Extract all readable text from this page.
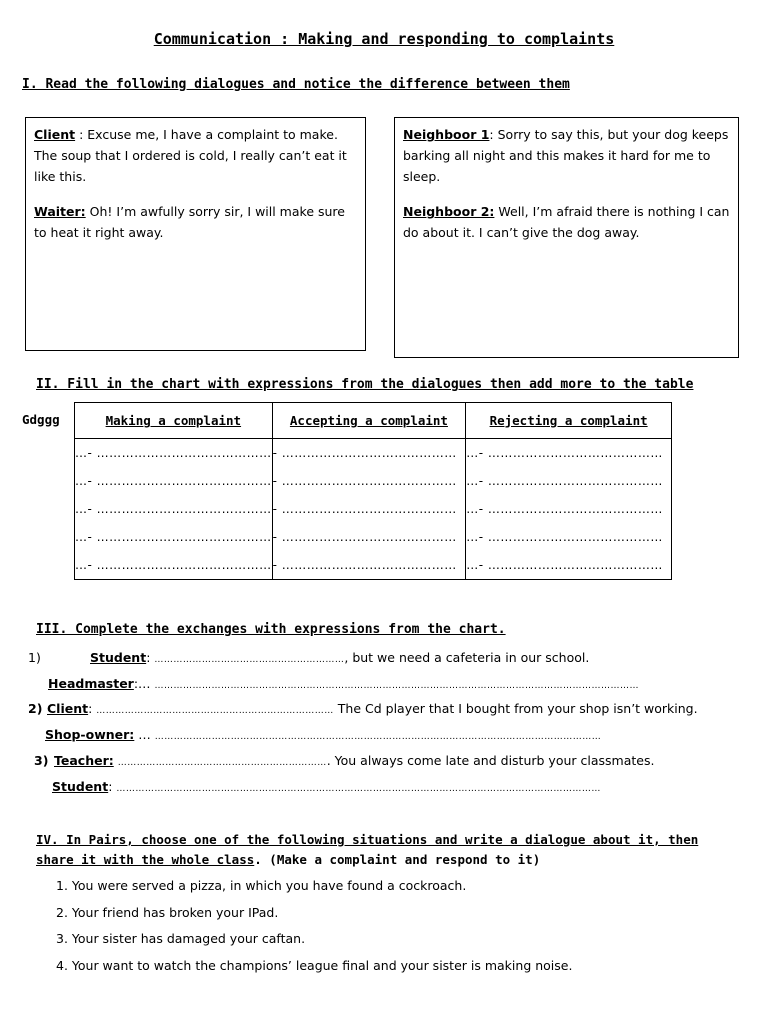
Communication : Making and responding to complaints
I. Read the following dialogues and notice the difference between them
Client : Excuse me, I have a complaint to make. The soup that I ordered is cold, I really can’t eat it like this.
Waiter: Oh! I’m awfully sorry sir, I will make sure to heat it right away.
Neighboor 1: Sorry to say this, but your dog keeps barking all night and this makes it hard for me to sleep.
Neighboor 2: Well, I’m afraid there is nothing I can do about it. I can’t give the dog away.
II. Fill in the chart with expressions from the dialogues then add more to the table
Gdggg	Making a complaint	Accepting a complaint	Rejecting a complaint
…- ……………………………………	- ……………………………………	…- ……………………………………
…- ……………………………………	- ……………………………………	…- ……………………………………
…- ……………………………………	- ……………………………………	…- ……………………………………
…- ……………………………………	- ……………………………………	…- ……………………………………
…- ……………………………………	- ……………………………………	…- ……………………………………
III. Complete the exchanges with expressions from the chart.
1)	Student: ……………………………………………………, but we need a cafeteria in our school.
Headmaster:… ………………………………………………………………………………………………………………………………………
2) Client: ………………………………………………………………… The Cd player that I bought from your shop isn’t working.
Shop-owner: … ……………………………………………………………………………………………………………………………
3) Teacher: …………………………………………………………. You always come late and disturb your classmates.
Student: ………………………………………………………………………………………………………………………………………
IV. In Pairs, choose one of the following situations and write a dialogue about it, then
share it with the whole class. (Make a complaint and respond to it)
1. You were served a pizza, in which you have found a cockroach.
2. Your friend has broken your IPad.
3. Your sister has damaged your caftan.
4. Your want to watch the champions’ league final and your sister is making noise.
